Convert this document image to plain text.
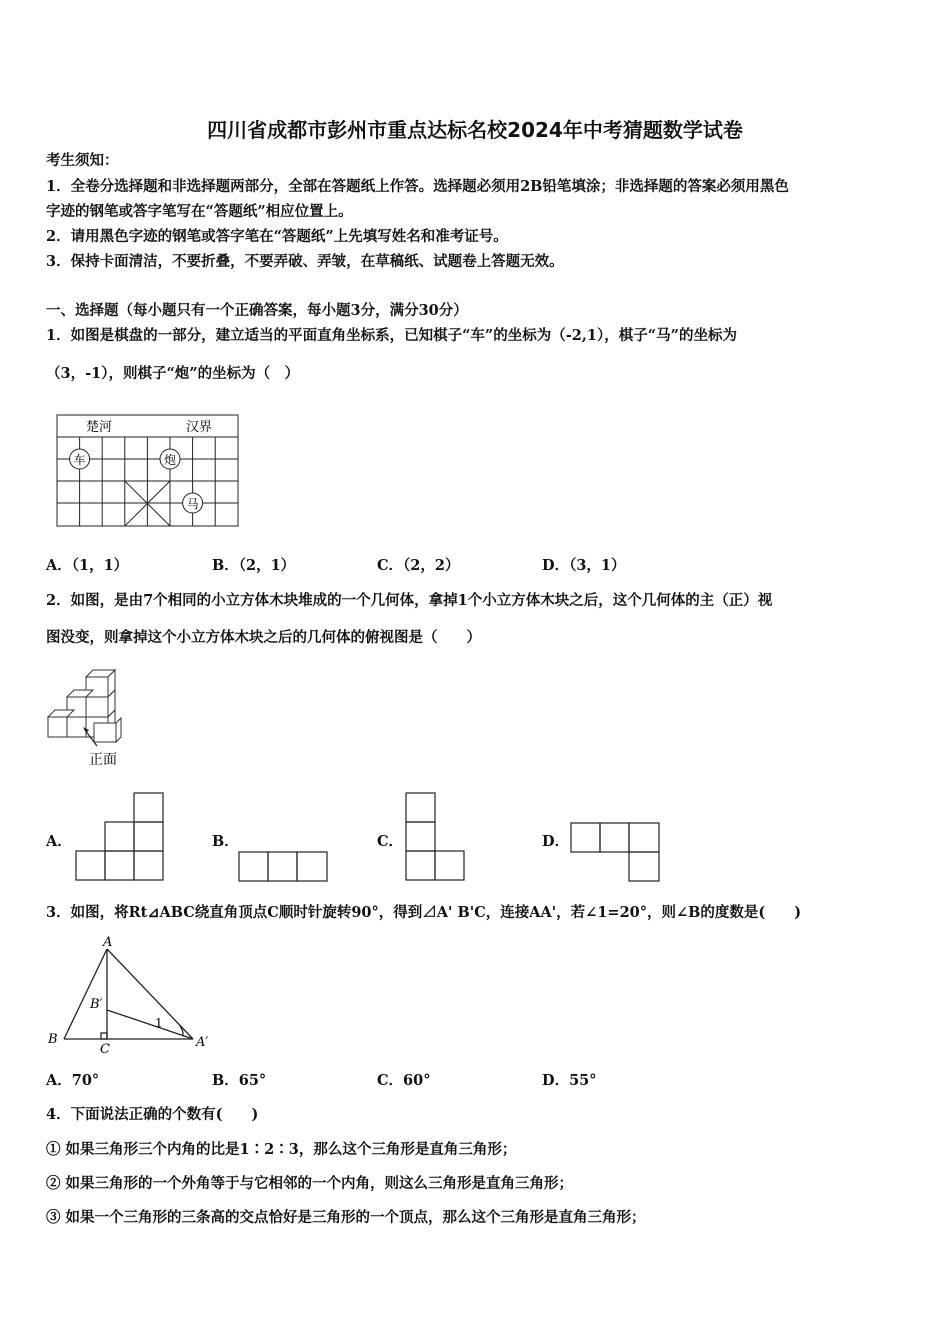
四川省成都市彭州市重点达标名校2024年中考猜题数学试卷
考生须知：
1．全卷分选择题和非选择题两部分，全部在答题纸上作答。选择题必须用2B铅笔填涂；非选择题的答案必须用黑色
字迹的钢笔或答字笔写在“答题纸”相应位置上。
2．请用黑色字迹的钢笔或答字笔在“答题纸”上先填写姓名和准考证号。
3．保持卡面清洁，不要折叠，不要弄破、弄皱，在草稿纸、试题卷上答题无效。
一、选择题（每小题只有一个正确答案，每小题3分，满分30分）
1．如图是棋盘的一部分，建立适当的平面直角坐标系，已知棋子“车”的坐标为（-2,1），棋子“马”的坐标为
（3，-1），则棋子“炮”的坐标为（　）
楚河	汉界
车	炮
马
A．（1，1）	B．（2，1）	C．（2，2）	D．（3，1）
2．如图，是由7个相同的小立方体木块堆成的一个几何体，拿掉1个小立方体木块之后，这个几何体的主（正）视
图没变，则拿掉这个小立方体木块之后的几何体的俯视图是（　　）
正面
A．	B．	C．	D．
3．如图，将Rt⊿ABC绕直角顶点C顺时针旋转90°，得到⊿A' B'C，连接AA'，若∠1=20°，则∠B的度数是(　　)
A
B′
B
C	A′
1
A．70°	B．65°	C．60°	D．55°
4．下面说法正确的个数有(　　)
① 如果三角形三个内角的比是1∶2∶3，那么这个三角形是直角三角形；
② 如果三角形的一个外角等于与它相邻的一个内角，则这么三角形是直角三角形；
③ 如果一个三角形的三条高的交点恰好是三角形的一个顶点，那么这个三角形是直角三角形；
